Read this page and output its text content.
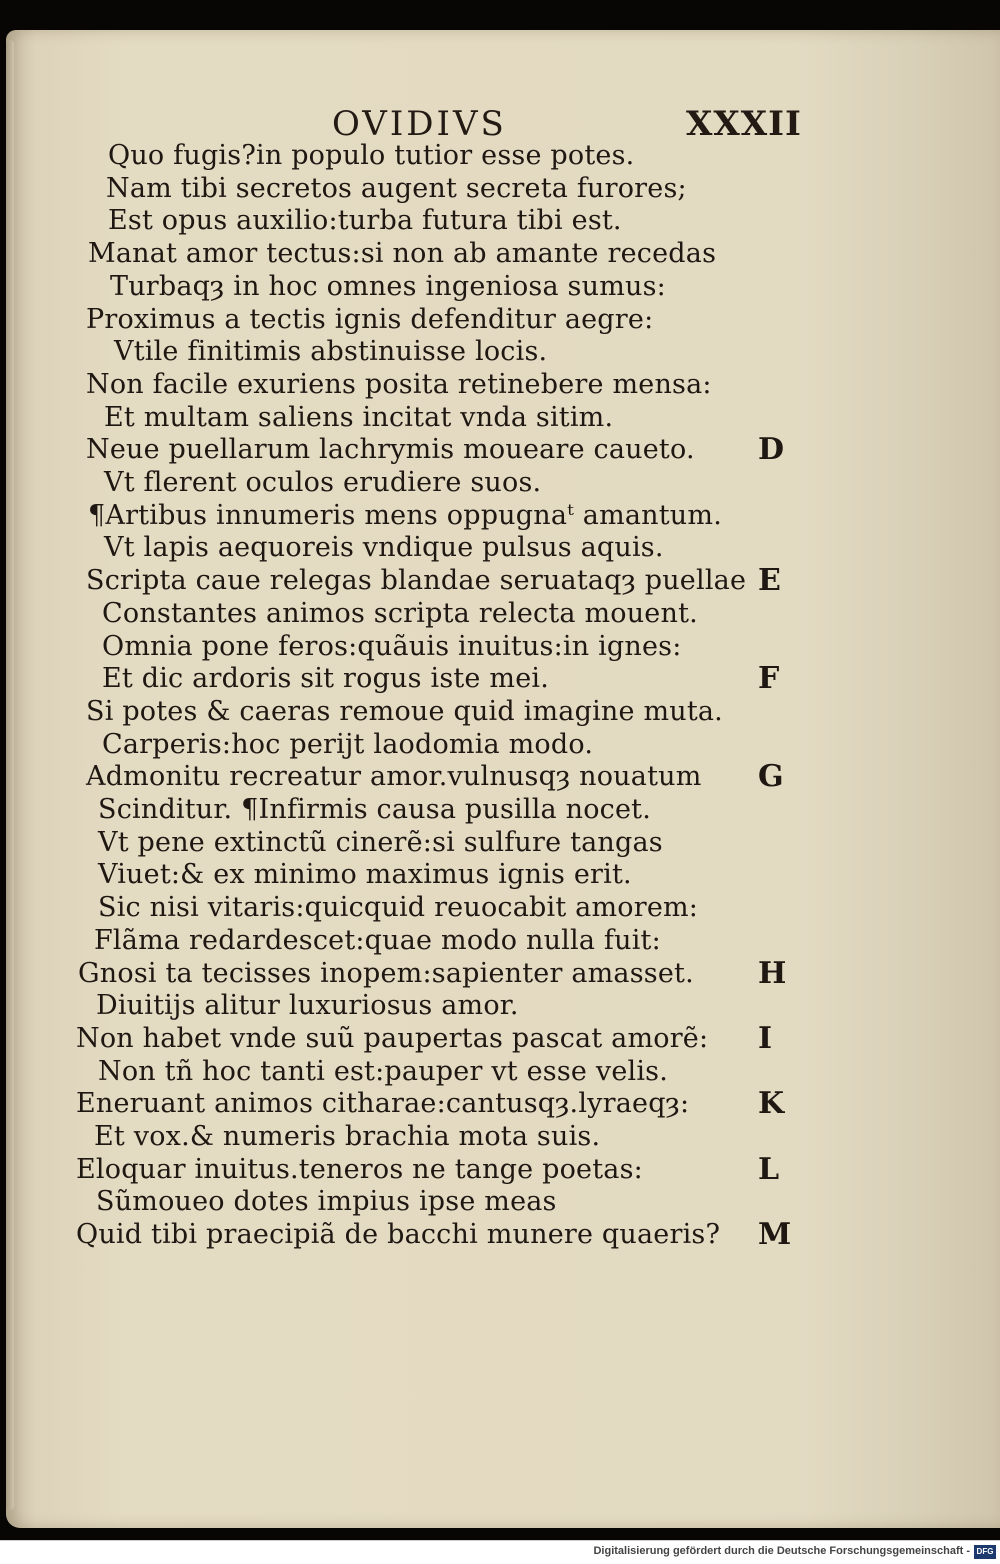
OVIDIVS	XXXII
Quo fugis?in populo tutior esse potes.
Nam tibi secretos augent secreta furores;
Est opus auxilio:turba futura tibi est.
Manat amor tectus:si non ab amante recedas
Turbaqȝ in hoc omnes ingeniosa sumus:
Proximus a tectis ignis defenditur aegre:
Vtile finitimis abstinuisse locis.
Non facile exuriens posita retinebere mensa:
Et multam saliens incitat vnda sitim.
Neue puellarum lachrymis moueare caueto.
Vt flerent oculos erudiere suos.
¶Artibus innumeris mens oppugnaᵗ amantum.
Vt lapis aequoreis vndique pulsus aquis.
Scripta caue relegas blandae seruataqȝ puellae
Constantes animos scripta relecta mouent.
Omnia pone feros:quãuis inuitus:in ignes:
Et dic ardoris sit rogus iste mei.
Si potes & caeras remoue quid imagine muta.
Carperis:hoc periјt laodomia modo.
Admonitu recreatur amor.vulnusqȝ nouatum
Scinditur. ¶Infirmis causa pusilla nocet.
Vt pene extinctũ cinerẽ:si sulfure tangas
Viuet:& ex minimo maximus ignis erit.
Sic nisi vitaris:quicquid reuocabit amorem:
Flãma redardescet:quae modo nulla fuit:
Gnosi ta tecisses inopem:sapienter amasset.
Diuitijs alitur luxuriosus amor.
Non habet vnde suũ paupertas pascat amorẽ:
Non tñ hoc tanti est:pauper vt esse velis.
Eneruant animos citharae:cantusqȝ.lyraeqȝ:
Et vox.& numeris brachia mota suis.
Eloquar inuitus.teneros ne tange poetas:
Sũmoueo dotes impius ipse meas
Quid tibi praecipiã de bacchi munere quaeris?
D
E
F
G
H
I
K
L
M
Digitalisierung gefördert durch die Deutsche Forschungsgemeinschaft - DFG
